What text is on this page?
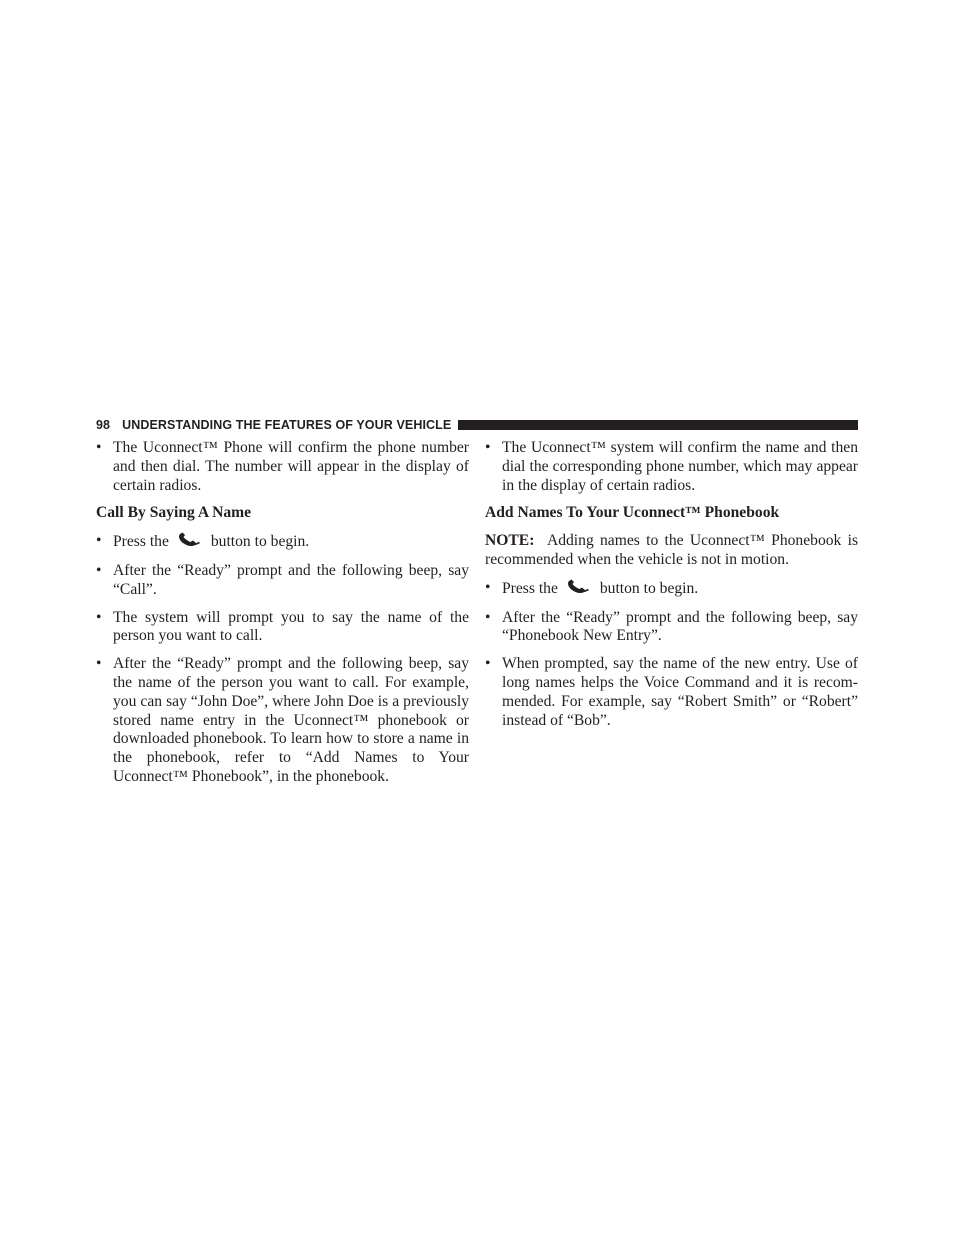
98 UNDERSTANDING THE FEATURES OF YOUR VEHICLE

• The Uconnect™ Phone will confirm the phone number and then dial. The number will appear in the display of certain radios.

Call By Saying A Name

• Press the	button to begin.

• After the “Ready” prompt and the following beep, say “Call”.

• The system will prompt you to say the name of the person you want to call.

• After the “Ready” prompt and the following beep, say the name of the person you want to call. For example, you can say “John Doe”, where John Doe is a previously stored name entry in the Uconnect™ phonebook or downloaded phonebook. To learn how to store a name in the phonebook, refer to “Add Names to Your Uconnect™ Phonebook”, in the phonebook.

• The Uconnect™ system will confirm the name and then dial the corresponding phone number, which may appear in the display of certain radios.

Add Names To Your Uconnect™ Phonebook

NOTE: Adding names to the Uconnect™ Phonebook is recommended when the vehicle is not in motion.

• Press the	button to begin.

• After the “Ready” prompt and the following beep, say “Phonebook New Entry”.

• When prompted, say the name of the new entry. Use of long names helps the Voice Command and it is recommended. For example, say “Robert Smith” or “Robert” instead of “Bob”.
